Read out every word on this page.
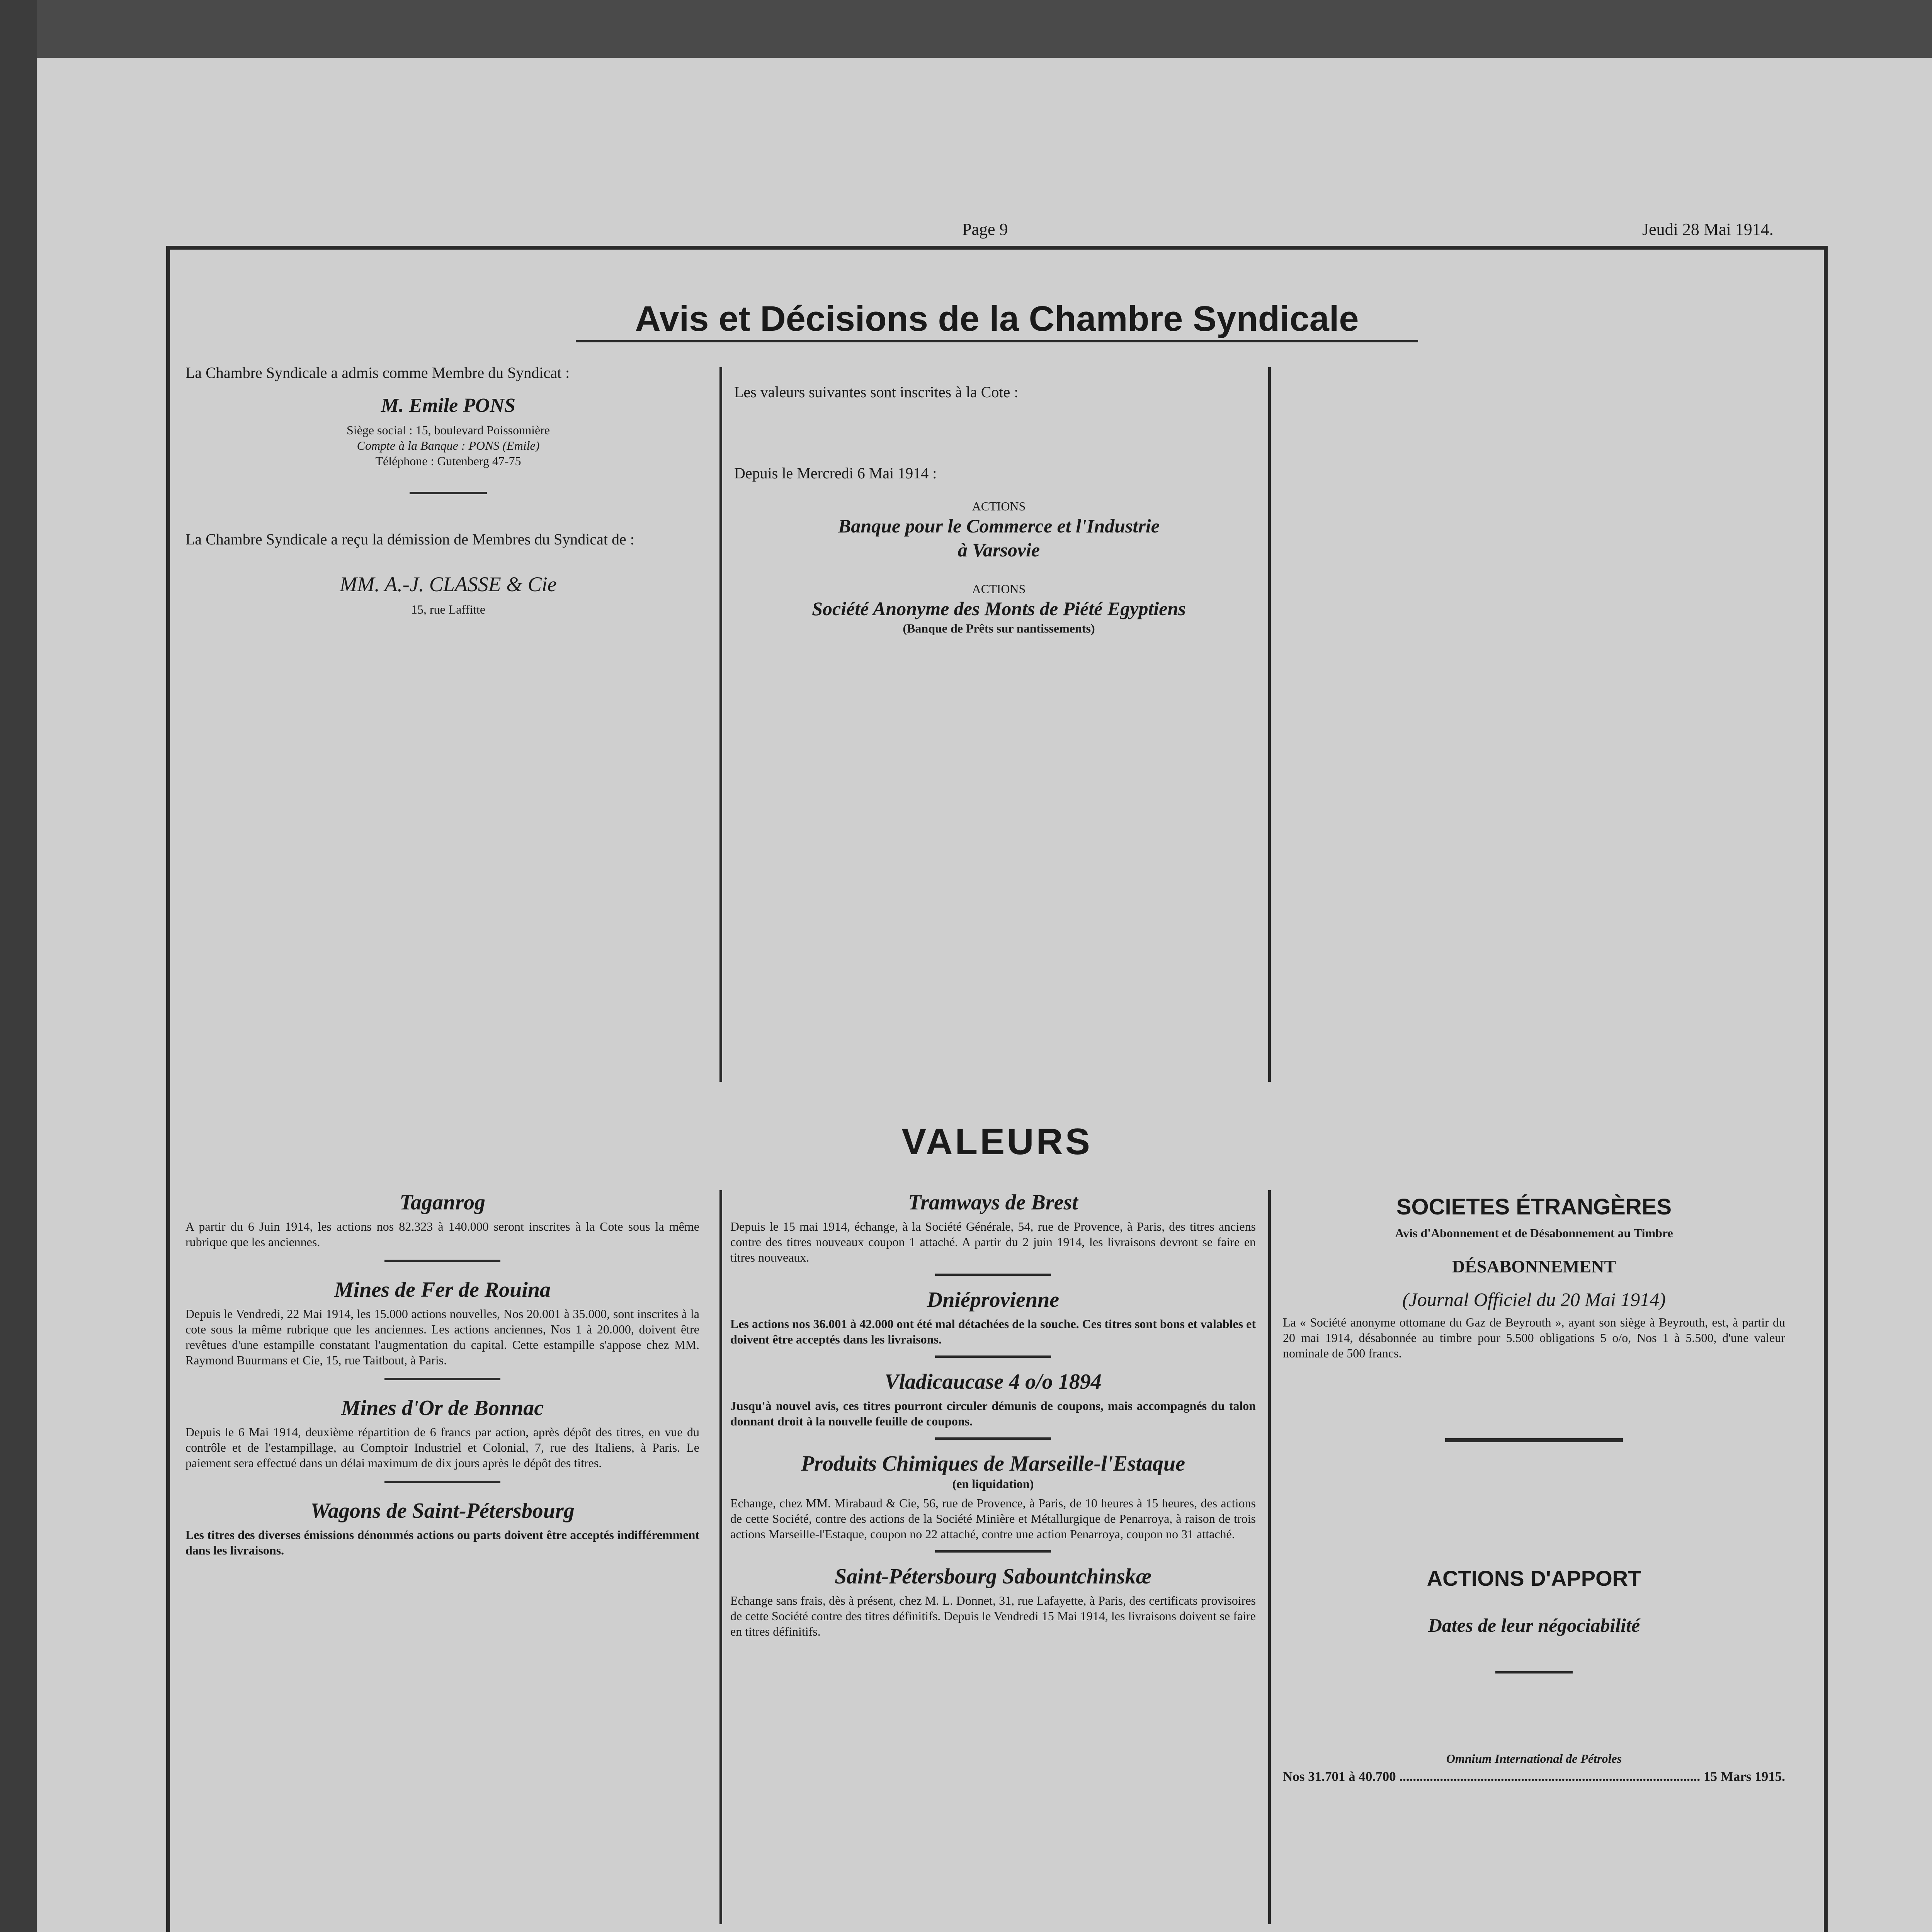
Page 9	Jeudi 28 Mai 1914.
Avis et Décisions de la Chambre Syndicale
La Chambre Syndicale a admis comme Membre du Syndicat :
M. Emile PONS
Siège social : 15, boulevard Poissonnière
Compte à la Banque : PONS (Emile)
Téléphone : Gutenberg 47-75
La Chambre Syndicale a reçu la démission de Membres du Syndicat de :
MM. A.-J. CLASSE & Cie
15, rue Laffitte
Les valeurs suivantes sont inscrites à la Cote :
Depuis le Mercredi 6 Mai 1914 :
ACTIONS
Banque pour le Commerce et l'Industrie
à Varsovie
ACTIONS
Société Anonyme des Monts de Piété Egyptiens
(Banque de Prêts sur nantissements)
VALEURS
Taganrog
A partir du 6 Juin 1914, les actions nos 82.323 à 140.000 seront inscrites à la Cote sous la même rubrique que les anciennes.
Mines de Fer de Rouina
Depuis le Vendredi, 22 Mai 1914, les 15.000 actions nouvelles, Nos 20.001 à 35.000, sont inscrites à la cote sous la même rubrique que les anciennes. Les actions anciennes, Nos 1 à 20.000, doivent être revêtues d'une estampille constatant l'augmentation du capital. Cette estampille s'appose chez MM. Raymond Buurmans et Cie, 15, rue Taitbout, à Paris.
Mines d'Or de Bonnac
Depuis le 6 Mai 1914, deuxième répartition de 6 francs par action, après dépôt des titres, en vue du contrôle et de l'estampillage, au Comptoir Industriel et Colonial, 7, rue des Italiens, à Paris. Le paiement sera effectué dans un délai maximum de dix jours après le dépôt des titres.
Wagons de Saint-Pétersbourg
Les titres des diverses émissions dénommés actions ou parts doivent être acceptés indifféremment dans les livraisons.
Tramways de Brest
Depuis le 15 mai 1914, échange, à la Société Générale, 54, rue de Provence, à Paris, des titres anciens contre des titres nouveaux coupon 1 attaché. A partir du 2 juin 1914, les livraisons devront se faire en titres nouveaux.
Dniéprovienne
Les actions nos 36.001 à 42.000 ont été mal détachées de la souche. Ces titres sont bons et valables et doivent être acceptés dans les livraisons.
Vladicaucase 4 o/o 1894
Jusqu'à nouvel avis, ces titres pourront circuler démunis de coupons, mais accompagnés du talon donnant droit à la nouvelle feuille de coupons.
Produits Chimiques de Marseille-l'Estaque
(en liquidation)
Echange, chez MM. Mirabaud & Cie, 56, rue de Provence, à Paris, de 10 heures à 15 heures, des actions de cette Société, contre des actions de la Société Minière et Métallurgique de Penarroya, à raison de trois actions Marseille-l'Estaque, coupon no 22 attaché, contre une action Penarroya, coupon no 31 attaché.
Saint-Pétersbourg Sabountchinskæ
Echange sans frais, dès à présent, chez M. L. Donnet, 31, rue Lafayette, à Paris, des certificats provisoires de cette Société contre des titres définitifs. Depuis le Vendredi 15 Mai 1914, les livraisons doivent se faire en titres définitifs.
SOCIETES ÉTRANGÈRES
Avis d'Abonnement et de Désabonnement au Timbre
DÉSABONNEMENT
(Journal Officiel du 20 Mai 1914)
La « Société anonyme ottomane du Gaz de Beyrouth », ayant son siège à Beyrouth, est, à partir du 20 mai 1914, désabonnée au timbre pour 5.500 obligations 5 o/o, Nos 1 à 5.500, d'une valeur nominale de 500 francs.
ACTIONS D'APPORT
Dates de leur négociabilité
Omnium International de Pétroles
Nos 31.701 à 40.700 .....	15 Mars 1915.
